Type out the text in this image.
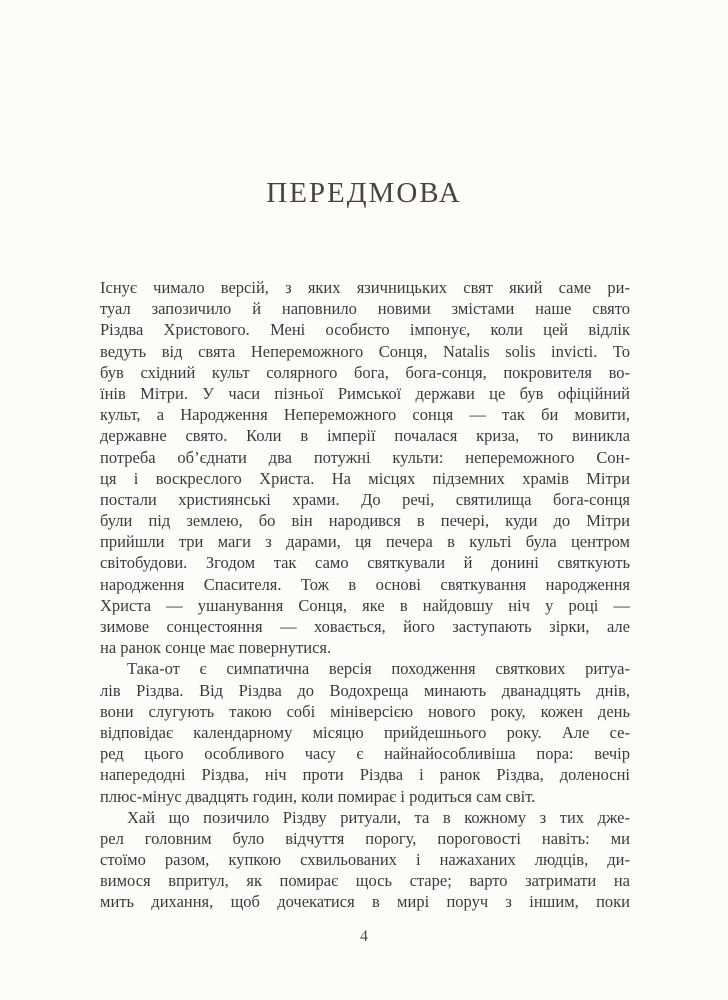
ПЕРЕДМОВА
Існує чимало версій, з яких язичницьких свят який саме ри-
туал запозичило й наповнило новими змістами наше свято
Різдва Христового. Мені особисто імпонує, коли цей відлік
ведуть від свята Непереможного Сонця, Natalis solis invicti. То
був східний культ солярного бога, бога-сонця, покровителя во-
їнів Мітри. У часи пізньої Римської держави це був офіційний
культ, а Народження Непереможного сонця — так би мовити,
державне свято. Коли в імперії почалася криза, то виникла
потреба об’єднати два потужні культи: непереможного Сон-
ця і воскреслого Христа. На місцях підземних храмів Мітри
постали християнські храми. До речі, святилища бога-сонця
були під землею, бо він народився в печері, куди до Мітри
прийшли три маги з дарами, ця печера в культі була центром
світобудови. Згодом так само святкували й донині святкують
народження Спасителя. Тож в основі святкування народження
Христа — ушанування Сонця, яке в найдовшу ніч у році —
зимове сонцестояння — ховається, його заступають зірки, але
на ранок сонце має повернутися.
Така-от є симпатична версія походження святкових ритуа-
лів Різдва. Від Різдва до Водохреща минають дванадцять днів,
вони слугують такою собі мініверсією нового року, кожен день
відповідає календарному місяцю прийдешнього року. Але се-
ред цього особливого часу є найнайособливіша пора: вечір
напередодні Різдва, ніч проти Різдва і ранок Різдва, доленосні
плюс-мінус двадцять годин, коли помирає і родиться сам світ.
Хай що позичило Різдву ритуали, та в кожному з тих дже-
рел головним було відчуття порогу, пороговості навіть: ми
стоїмо разом, купкою схвильованих і нажаханих людців, ди-
вимося впритул, як помирає щось старе; варто затримати на
мить дихання, щоб дочекатися в мирі поруч з іншим, поки
4
